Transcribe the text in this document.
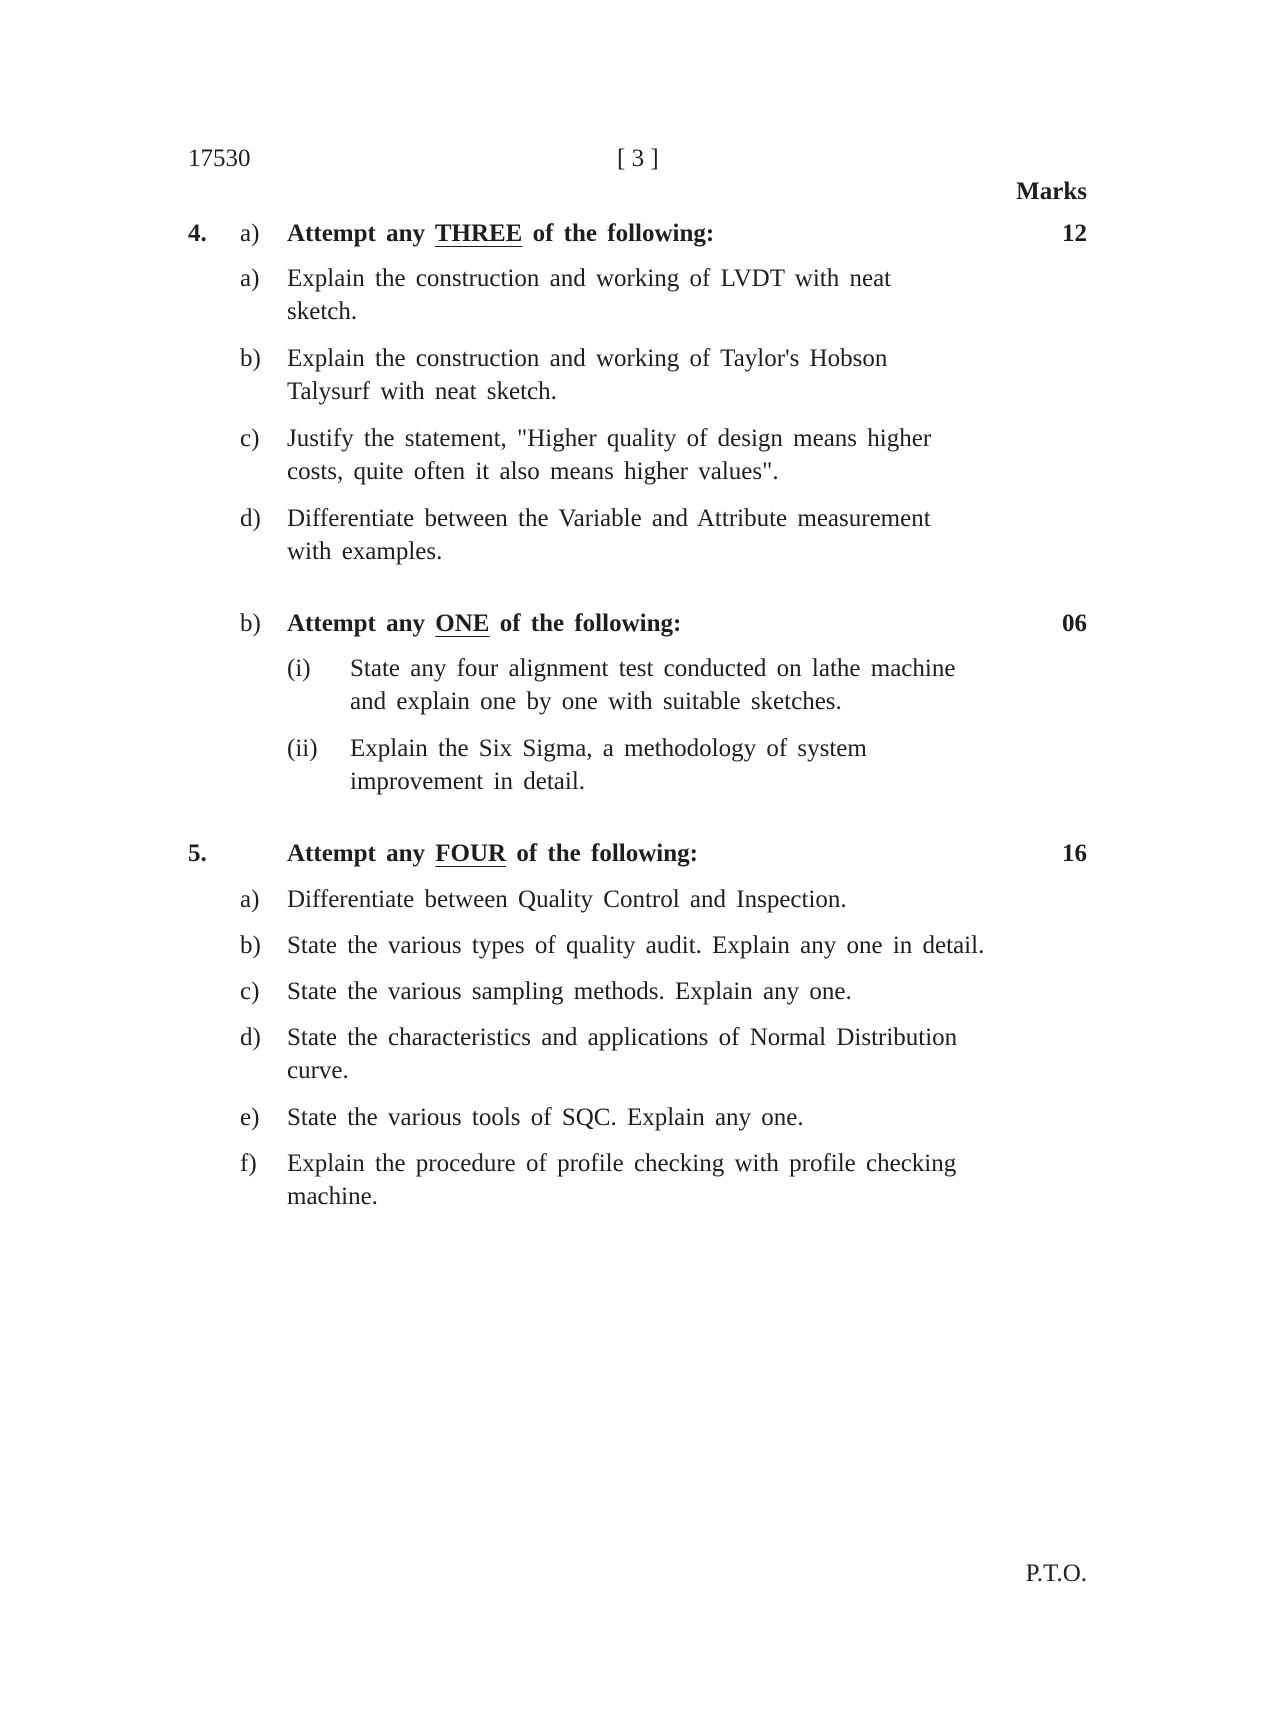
17530	[ 3 ]
Marks
4. a) Attempt any THREE of the following:	12
a) Explain the construction and working of LVDT with neat
sketch.
b) Explain the construction and working of Taylor's Hobson
Talysurf with neat sketch.
c) Justify the statement, "Higher quality of design means higher
costs, quite often it also means higher values".
d) Differentiate between the Variable and Attribute measurement
with examples.
b) Attempt any ONE of the following:	06
(i) State any four alignment test conducted on lathe machine
and explain one by one with suitable sketches.
(ii) Explain the Six Sigma, a methodology of system
improvement in detail.
5.	Attempt any FOUR of the following:	16
a) Differentiate between Quality Control and Inspection.
b) State the various types of quality audit. Explain any one in detail.
c) State the various sampling methods. Explain any one.
d) State the characteristics and applications of Normal Distribution
curve.
e) State the various tools of SQC. Explain any one.
f) Explain the procedure of profile checking with profile checking
machine.
P.T.O.
